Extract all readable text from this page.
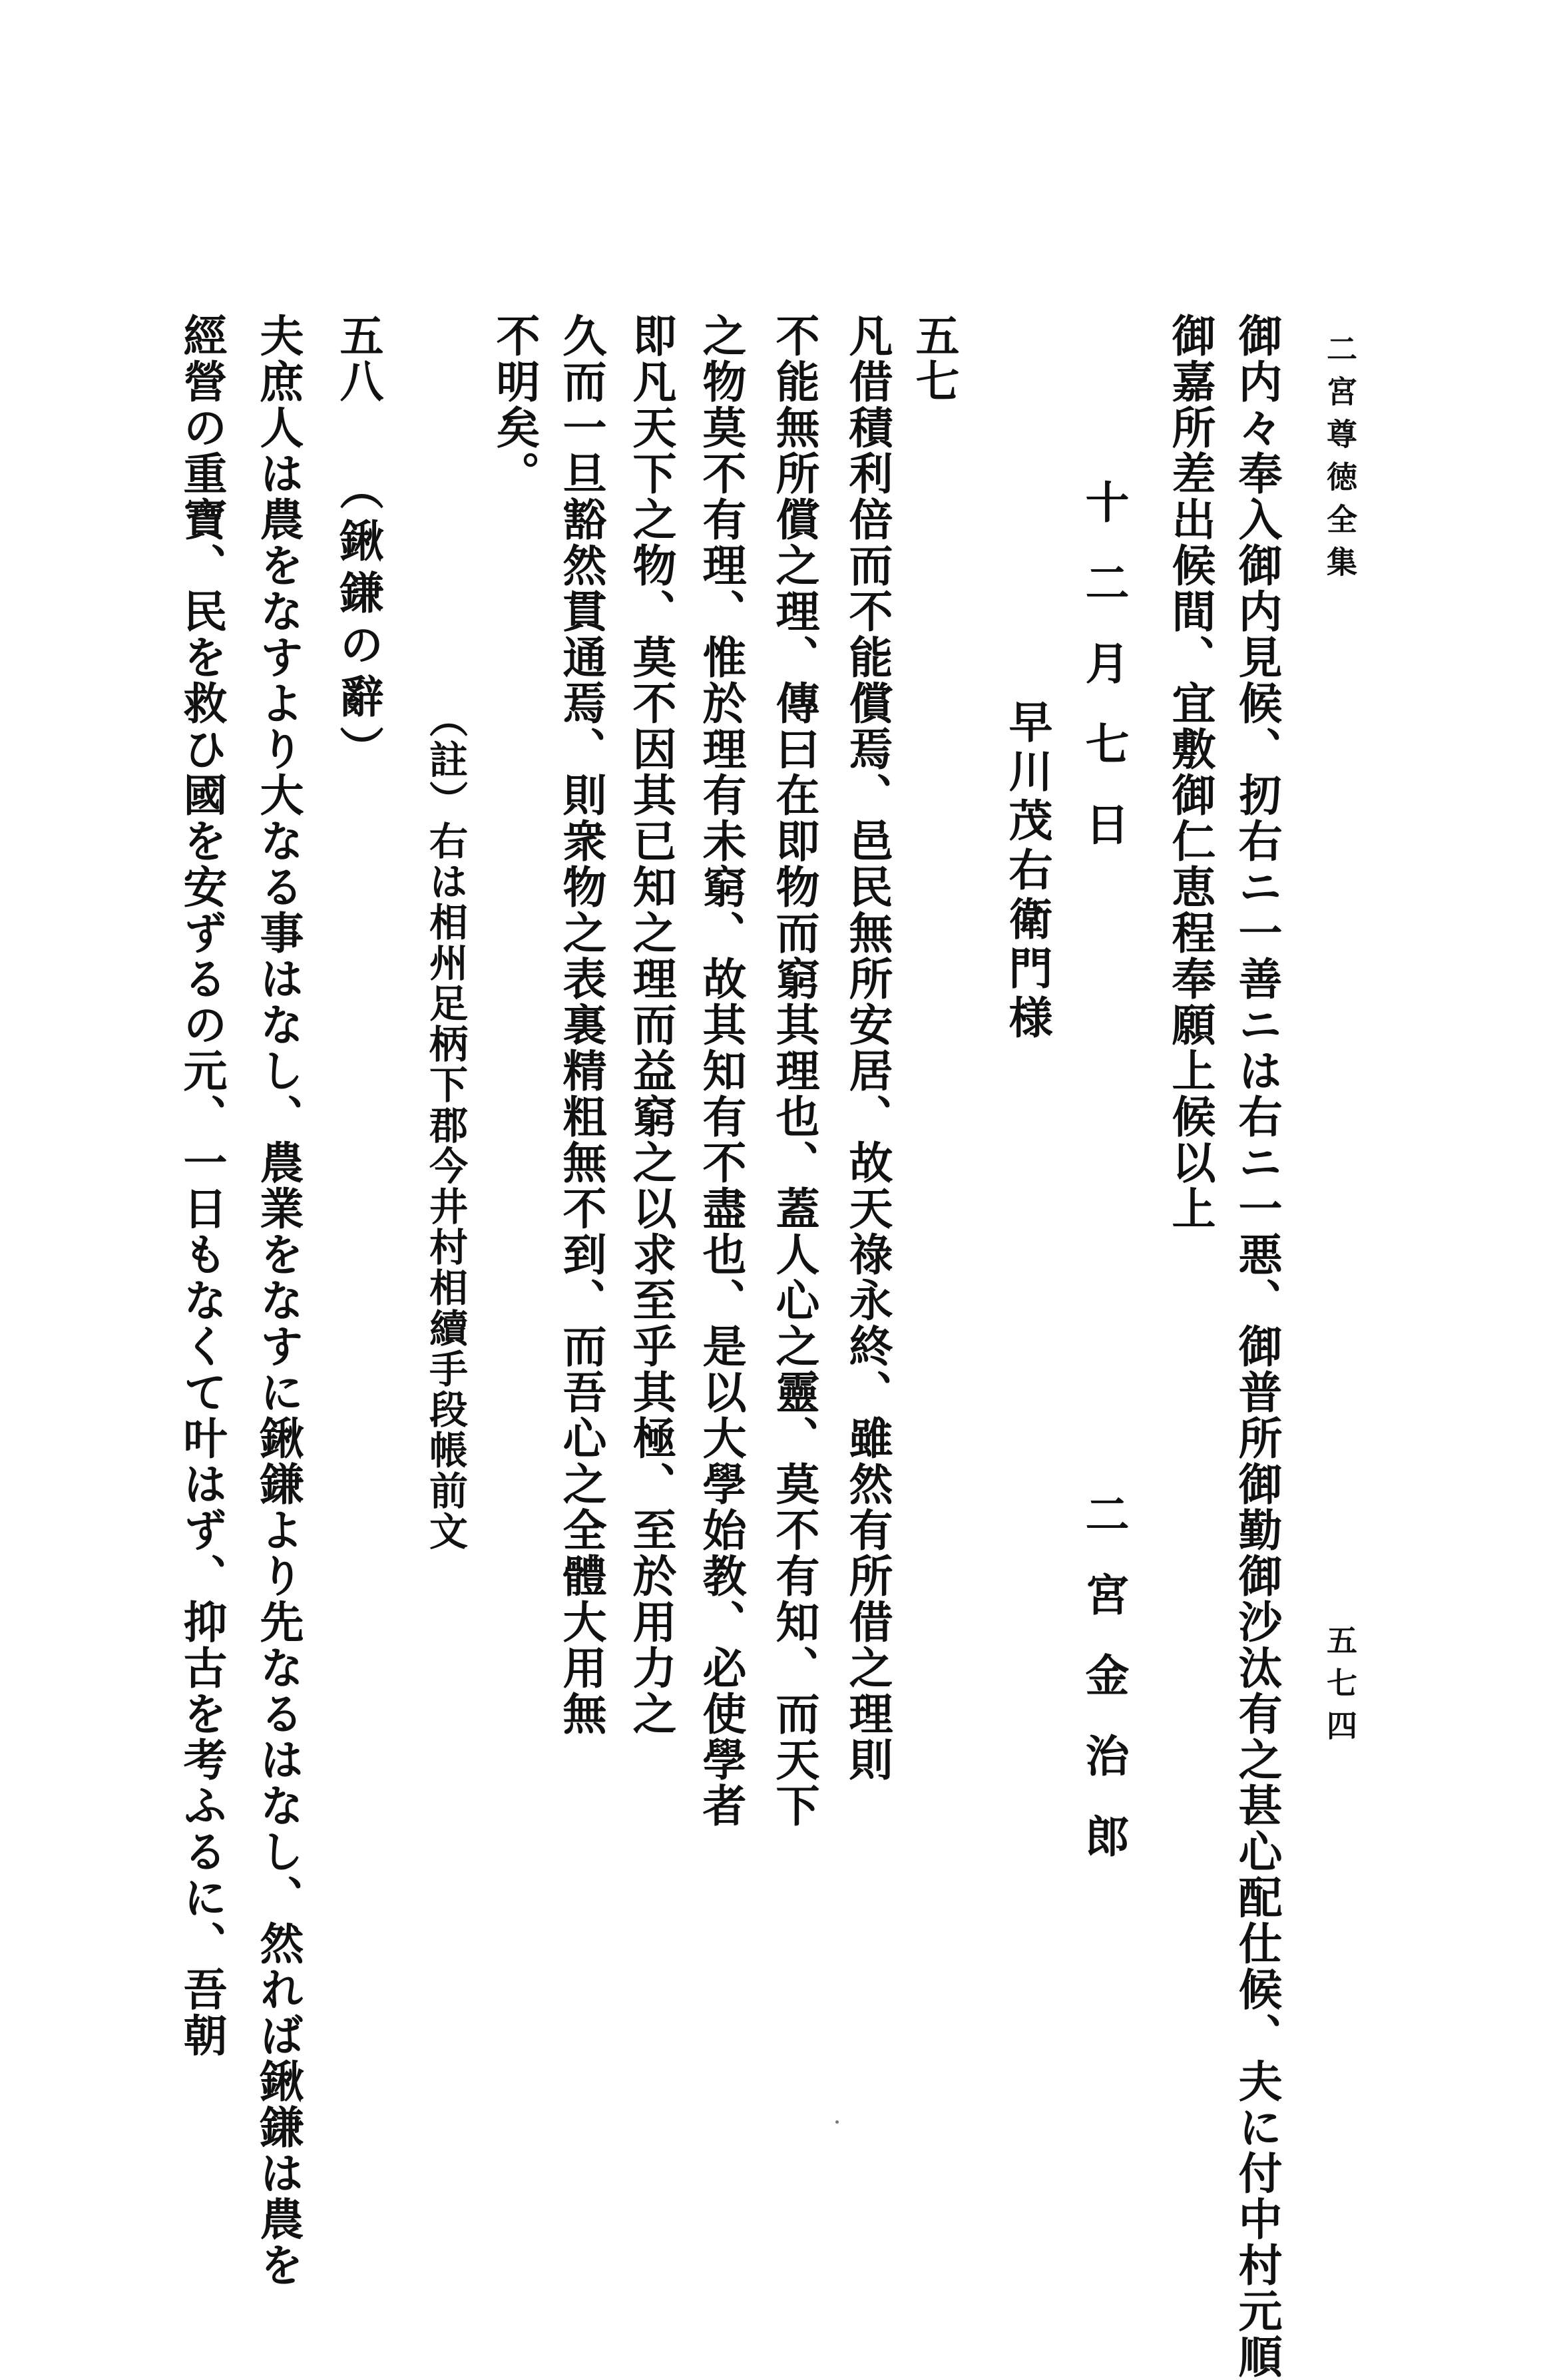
二宮尊徳全集
五七四
御内々奉入御内見候、扨右ニ一善ニは右ニ一悪、御普所御勤御沙汰有之甚心配仕候、夫に付中村元順
御嘉所差出候間、宜敷御仁恵程奉願上候以上
十二月七日
二宮金治郎
早川茂右衛門様
五七
凡借積利倍而不能償焉、邑民無所安居、故天祿永終、雖然有所借之理則
不能無所償之理、傳曰在即物而窮其理也、蓋人心之靈、莫不有知、而天下
之物莫不有理、惟於理有未窮、故其知有不盡也、是以大學始教、必使學者
即凡天下之物、莫不因其已知之理而益窮之以求至乎其極、至於用力之
久而一旦豁然貫通焉、則衆物之表裏精粗無不到、而吾心之全體大用無
不明矣。
（註）右は相州足柄下郡今井村相續手段帳前文
五八
（鍬鎌の辭）
夫庶人は農をなすより大なる事はなし、農業をなすに鍬鎌より先なるはなし、然れば鍬鎌は農を
經營の重寶、民を救ひ國を安ずるの元、一日もなくて叶はず、抑古を考ふるに、吾朝
